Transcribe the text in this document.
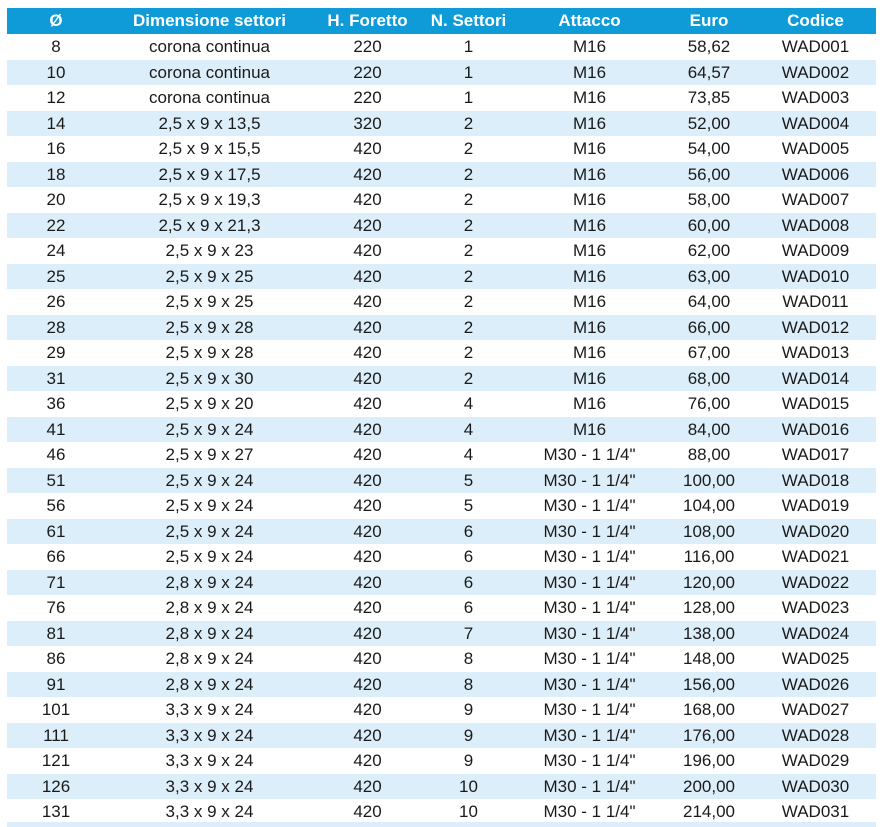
Ø	Dimensione settori	H. Foretto	N. Settori	Attacco	Euro	Codice
8	corona continua	220	1	M16	58,62	WAD001
10	corona continua	220	1	M16	64,57	WAD002
12	corona continua	220	1	M16	73,85	WAD003
14	2,5 x 9 x 13,5	320	2	M16	52,00	WAD004
16	2,5 x 9 x 15,5	420	2	M16	54,00	WAD005
18	2,5 x 9 x 17,5	420	2	M16	56,00	WAD006
20	2,5 x 9 x 19,3	420	2	M16	58,00	WAD007
22	2,5 x 9 x 21,3	420	2	M16	60,00	WAD008
24	2,5 x 9 x 23	420	2	M16	62,00	WAD009
25	2,5 x 9 x 25	420	2	M16	63,00	WAD010
26	2,5 x 9 x 25	420	2	M16	64,00	WAD011
28	2,5 x 9 x 28	420	2	M16	66,00	WAD012
29	2,5 x 9 x 28	420	2	M16	67,00	WAD013
31	2,5 x 9 x 30	420	2	M16	68,00	WAD014
36	2,5 x 9 x 20	420	4	M16	76,00	WAD015
41	2,5 x 9 x 24	420	4	M16	84,00	WAD016
46	2,5 x 9 x 27	420	4	M30 - 1 1/4"	88,00	WAD017
51	2,5 x 9 x 24	420	5	M30 - 1 1/4"	100,00	WAD018
56	2,5 x 9 x 24	420	5	M30 - 1 1/4"	104,00	WAD019
61	2,5 x 9 x 24	420	6	M30 - 1 1/4"	108,00	WAD020
66	2,5 x 9 x 24	420	6	M30 - 1 1/4"	116,00	WAD021
71	2,8 x 9 x 24	420	6	M30 - 1 1/4"	120,00	WAD022
76	2,8 x 9 x 24	420	6	M30 - 1 1/4"	128,00	WAD023
81	2,8 x 9 x 24	420	7	M30 - 1 1/4"	138,00	WAD024
86	2,8 x 9 x 24	420	8	M30 - 1 1/4"	148,00	WAD025
91	2,8 x 9 x 24	420	8	M30 - 1 1/4"	156,00	WAD026
101	3,3 x 9 x 24	420	9	M30 - 1 1/4"	168,00	WAD027
111	3,3 x 9 x 24	420	9	M30 - 1 1/4"	176,00	WAD028
121	3,3 x 9 x 24	420	9	M30 - 1 1/4"	196,00	WAD029
126	3,3 x 9 x 24	420	10	M30 - 1 1/4"	200,00	WAD030
131	3,3 x 9 x 24	420	10	M30 - 1 1/4"	214,00	WAD031
